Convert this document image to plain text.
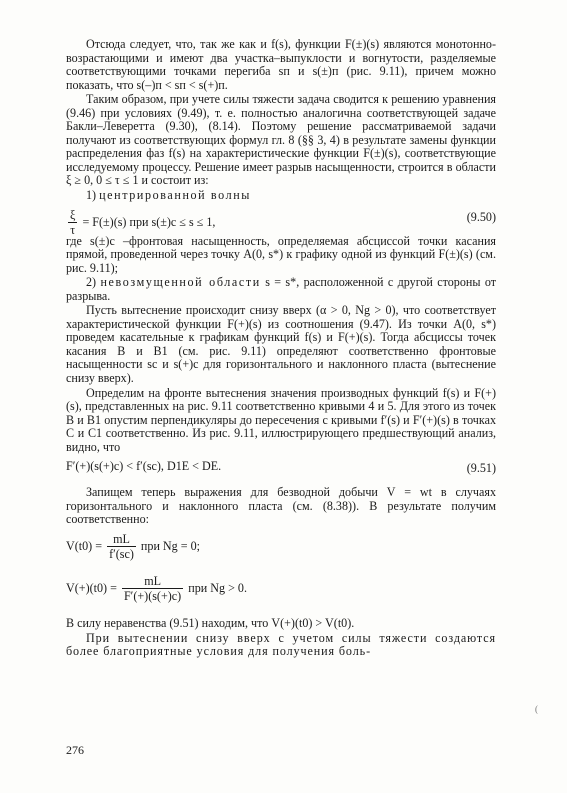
Отсюда следует, что, так же как и f(s), функции F(±)(s) являются монотонно-возрастающими и имеют два участка–выпуклости и вогнутости, разделяемые соответствующими точками перегиба sп и s(±)п (рис. 9.11), причем можно показать, что s(–)п < sп < s(+)п.

Таким образом, при учете силы тяжести задача сводится к решению уравнения (9.46) при условиях (9.49), т. е. полностью аналогична соответствующей задаче Бакли–Леверетта (9.30), (8.14). Поэтому решение рассматриваемой задачи получают из соответствующих формул гл. 8 (§§ 3, 4) в результате замены функции распределения фаз f(s) на характеристические функции F(±)(s), соответствующие исследуемому процессу. Решение имеет разрыв насыщенности, строится в области ξ ≥ 0, 0 ≤ τ ≤ 1 и состоит из:

1) центрированной волны

$\frac{\xi}{\tau} = F(\pm)(s)$ при s(±)c ≤ s ≤ 1,	(9.50)

где s(±)c –фронтовая насыщенность, определяемая абсциссой точки касания прямой, проведенной через точку A(0, s*) к графику одной из функций F(±)(s) (см. рис. 9.11);

2) невозмущенной области s = s*, расположенной с другой стороны от разрыва.

Пусть вытеснение происходит снизу вверх (α > 0, Ng > 0), что соответствует характеристической функции F(+)(s) из соотношения (9.47). Из точки A(0, s*) проведем касательные к графикам функций f(s) и F(+)(s). Тогда абсциссы точек касания B и B1 (см. рис. 9.11) определяют соответственно фронтовые насыщенности sc и s(+)c для горизонтального и наклонного пласта (вытеснение снизу вверх).

Определим на фронте вытеснения значения производных функций f(s) и F(+)(s), представленных на рис. 9.11 соответственно кривыми 4 и 5. Для этого из точек B и B1 опустим перпендикуляры до пересечения с кривыми f′(s) и F′(+)(s) в точках C и C1 соответственно. Из рис. 9.11, иллюстрирующего предшествующий анализ, видно, что

F′(+)(s(+)c) < f′(sc), D1E < DE.	(9.51)

Запищем теперь выражения для безводной добычи V = wt в случаях горизонтального и наклонного пласта (см. (8.38)). В результате получим соответственно:

$V(t0) = \frac{mL}{f'(sc)}$ при Ng = 0;
$V(+)(t0) = \frac{mL}{F'(+)(s(+)c)}$ при Ng > 0.

В силу неравенства (9.51) находим, что V(+)(t0) > V(t0).

При вытеснении снизу вверх с учетом силы тяжести создаются более благоприятные условия для получения боль-

(
276
